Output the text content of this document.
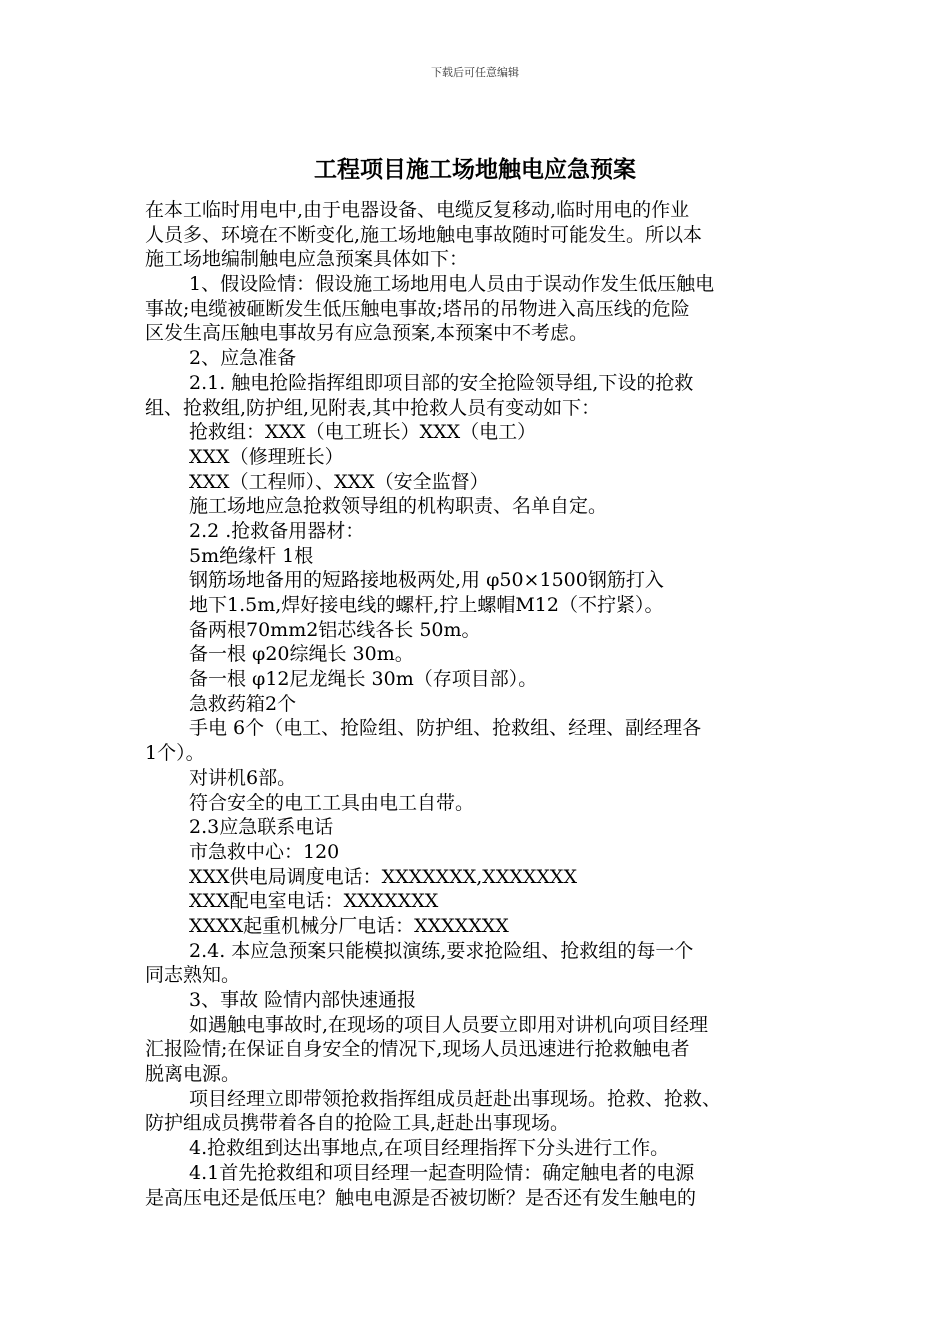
下载后可任意编辑
工程项目施工场地触电应急预案
在本工临时用电中,由于电器设备、电缆反复移动,临时用电的作业
人员多、环境在不断变化,施工场地触电事故随时可能发生。所以本
施工场地编制触电应急预案具体如下：
1、假设险情：假设施工场地用电人员由于误动作发生低压触电
事故;电缆被砸断发生低压触电事故;塔吊的吊物进入高压线的危险
区发生高压触电事故另有应急预案,本预案中不考虑。
2、应急准备
2.1. 触电抢险指挥组即项目部的安全抢险领导组,下设的抢救
组、抢救组,防护组,见附表,其中抢救人员有变动如下：
抢救组：XXX（电工班长）XXX（电工）
XXX（修理班长）
XXX（工程师）、XXX（安全监督）
施工场地应急抢救领导组的机构职责、名单自定。
2.2 .抢救备用器材：
5m绝缘杆 1根
钢筋场地备用的短路接地极两处,用 φ50×1500钢筋打入
地下1.5m,焊好接电线的螺杆,拧上螺帽M12（不拧紧）。
备两根70mm2铝芯线各长 50m。
备一根 φ20综绳长 30m。
备一根 φ12尼龙绳长 30m（存项目部）。
急救药箱2个
手电 6个（电工、抢险组、防护组、抢救组、经理、副经理各
1个）。
对讲机6部。
符合安全的电工工具由电工自带。
2.3应急联系电话
市急救中心：120
XXX供电局调度电话：XXXXXXX,XXXXXXX
XXX配电室电话：XXXXXXX
XXXX起重机械分厂电话：XXXXXXX
2.4. 本应急预案只能模拟演练,要求抢险组、抢救组的每一个
同志熟知。
3、事故 险情内部快速通报
如遇触电事故时,在现场的项目人员要立即用对讲机向项目经理
汇报险情;在保证自身安全的情况下,现场人员迅速进行抢救触电者
脱离电源。
项目经理立即带领抢救指挥组成员赶赴出事现场。抢救、抢救、
防护组成员携带着各自的抢险工具,赶赴出事现场。
4.抢救组到达出事地点,在项目经理指挥下分头进行工作。
4.1首先抢救组和项目经理一起查明险情：确定触电者的电源
是高压电还是低压电？触电电源是否被切断？是否还有发生触电的
